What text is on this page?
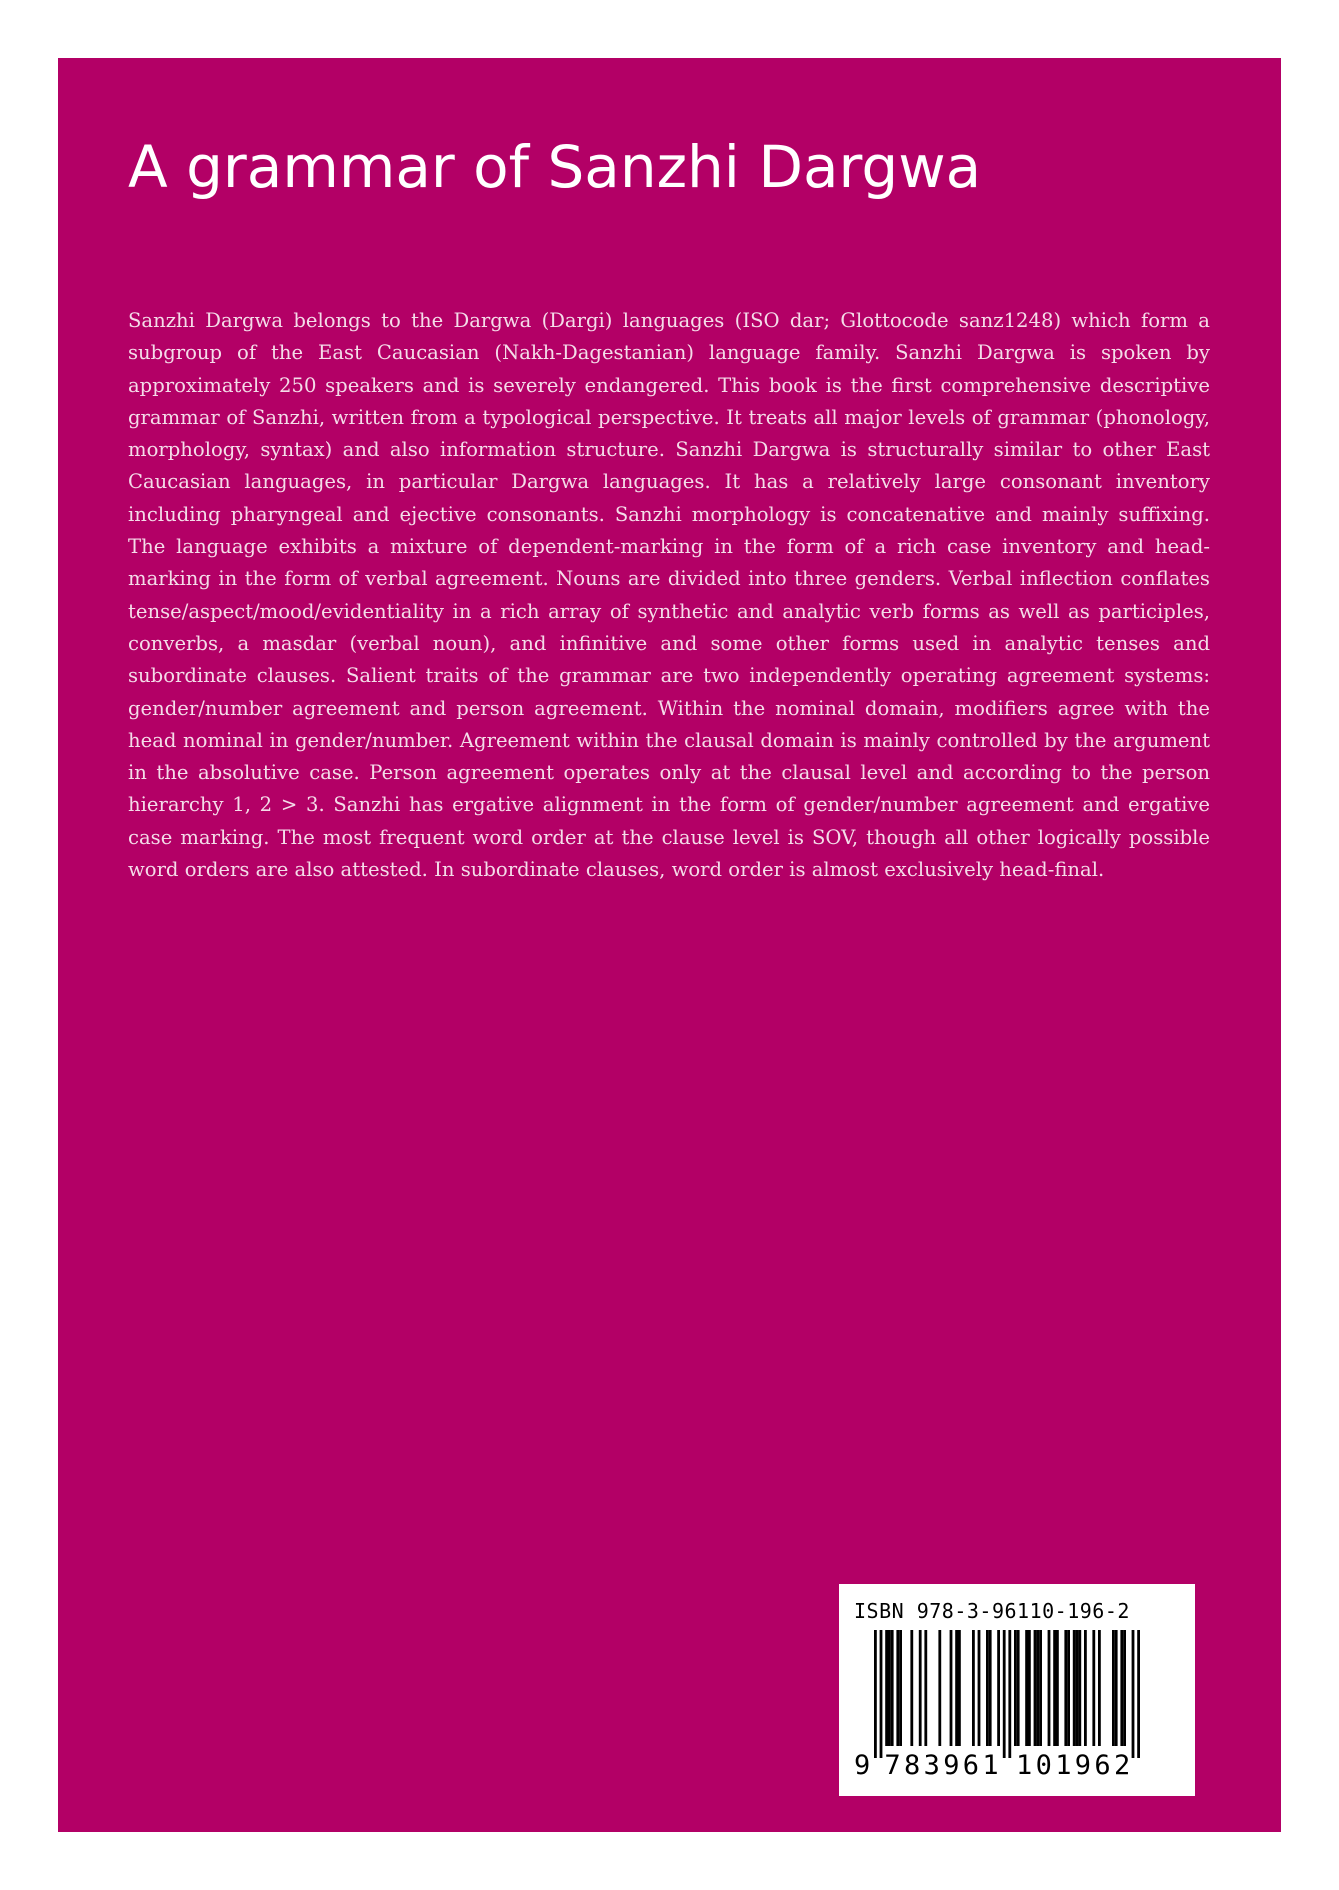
A grammar of Sanzhi Dargwa

Sanzhi Dargwa belongs to the Dargwa (Dargi) languages (ISO dar; Glottocode sanz1248) which form a subgroup of the East Caucasian (Nakh-Dagestanian) language family. Sanzhi Dargwa is spoken by approximately 250 speakers and is severely endangered. This book is the first comprehensive descriptive grammar of Sanzhi, written from a typological perspective. It treats all major levels of grammar (phonology, morphology, syntax) and also information structure. Sanzhi Dargwa is structurally similar to other East Caucasian languages, in particular Dargwa languages. It has a relatively large consonant inventory including pharyngeal and ejective consonants. Sanzhi morphology is concatenative and mainly suffixing. The language exhibits a mixture of dependent-marking in the form of a rich case inventory and head-marking in the form of verbal agreement. Nouns are divided into three genders. Verbal inflection conflates tense/aspect/​mood/evidentiality in a rich array of synthetic and analytic verb forms as well as participles, converbs, a masdar (verbal noun), and infinitive and some other forms used in analytic tenses and subordinate clauses. Salient traits of the grammar are two independently operating agreement systems: gender/number agreement and person agreement. Within the nominal domain, modifiers agree with the head nominal in gender/number. Agreement within the clausal domain is mainly controlled by the argument in the absolutive case. Person agreement operates only at the clausal level and according to the person hierarchy 1, 2 > 3. Sanzhi has ergative alignment in the form of gender/number agreement and ergative case marking. The most frequent word order at the clause level is SOV, though all other logically possible word orders are also attested. In subordinate clauses, word order is almost exclusively head-final.

ISBN 978-3-96110-196-2
9 7 8 3 9 6 1 1 0 1 9 6 2
